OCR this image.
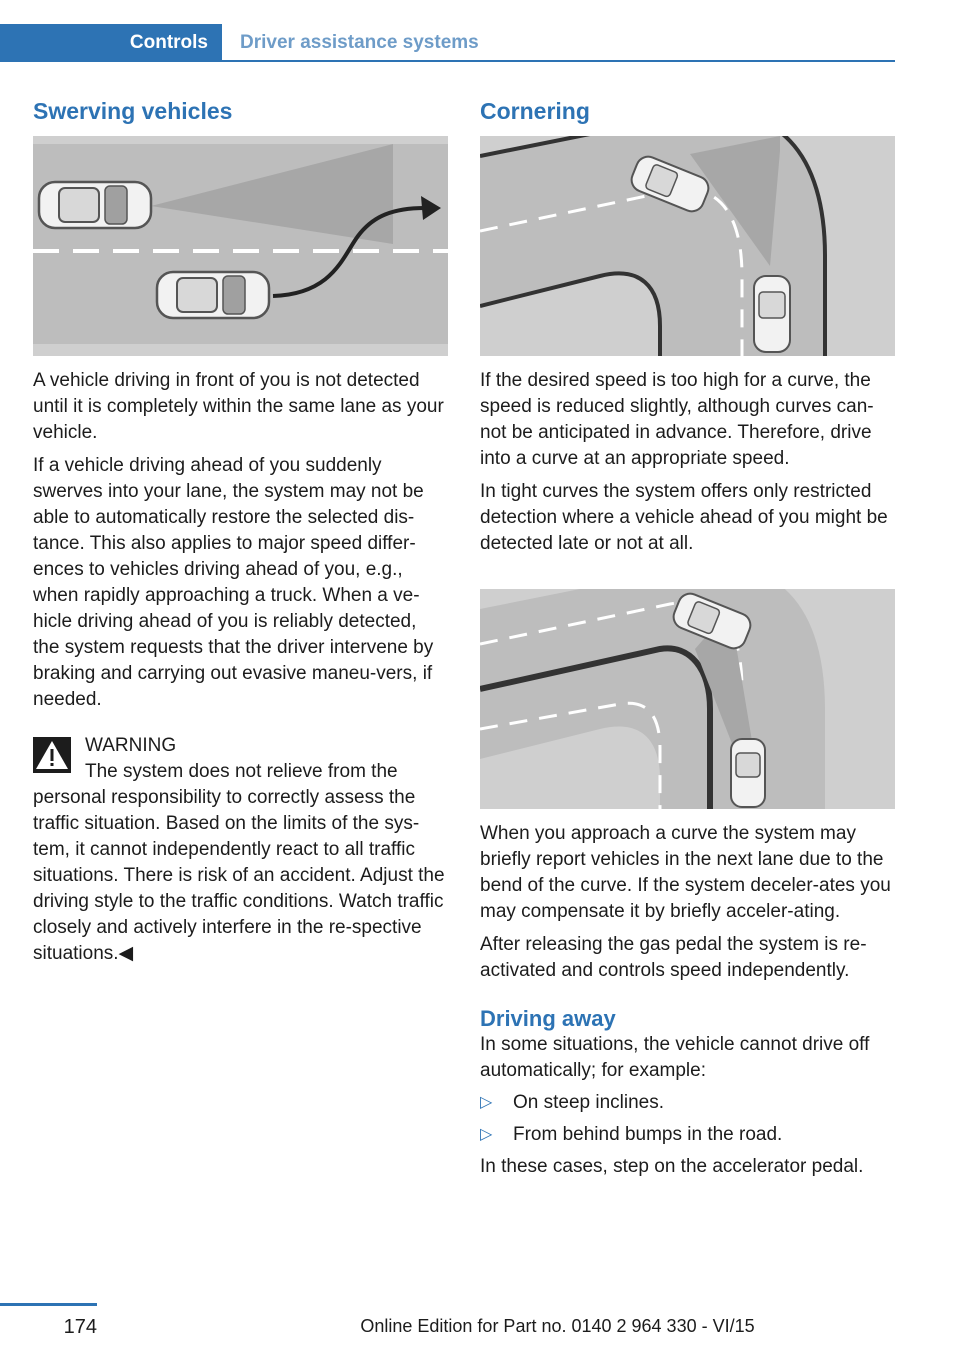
Controls	Driver assistance systems
Swerving vehicles

A vehicle driving in front of you is not detected until it is completely within the same lane as your vehicle.

If a vehicle driving ahead of you suddenly swerves into your lane, the system may not be able to automatically restore the selected dis-tance. This also applies to major speed differ-ences to vehicles driving ahead of you, e.g., when rapidly approaching a truck. When a ve-hicle driving ahead of you is reliably detected, the system requests that the driver intervene by braking and carrying out evasive maneu-vers, if needed.

WARNING

The system does not relieve from the personal responsibility to correctly assess the traffic situation. Based on the limits of the sys-tem, it cannot independently react to all traffic situations. There is risk of an accident. Adjust the driving style to the traffic conditions. Watch traffic closely and actively interfere in the re-spective situations.◀

Cornering

If the desired speed is too high for a curve, the speed is reduced slightly, although curves can-not be anticipated in advance. Therefore, drive into a curve at an appropriate speed.

In tight curves the system offers only restricted detection where a vehicle ahead of you might be detected late or not at all.

When you approach a curve the system may briefly report vehicles in the next lane due to the bend of the curve. If the system deceler-ates you may compensate it by briefly acceler-ating.

After releasing the gas pedal the system is re-activated and controls speed independently.

Driving away

In some situations, the vehicle cannot drive off automatically; for example:

▷ On steep inclines.
▷ From behind bumps in the road.

In these cases, step on the accelerator pedal.

174	Online Edition for Part no. 0140 2 964 330 - VI/15
